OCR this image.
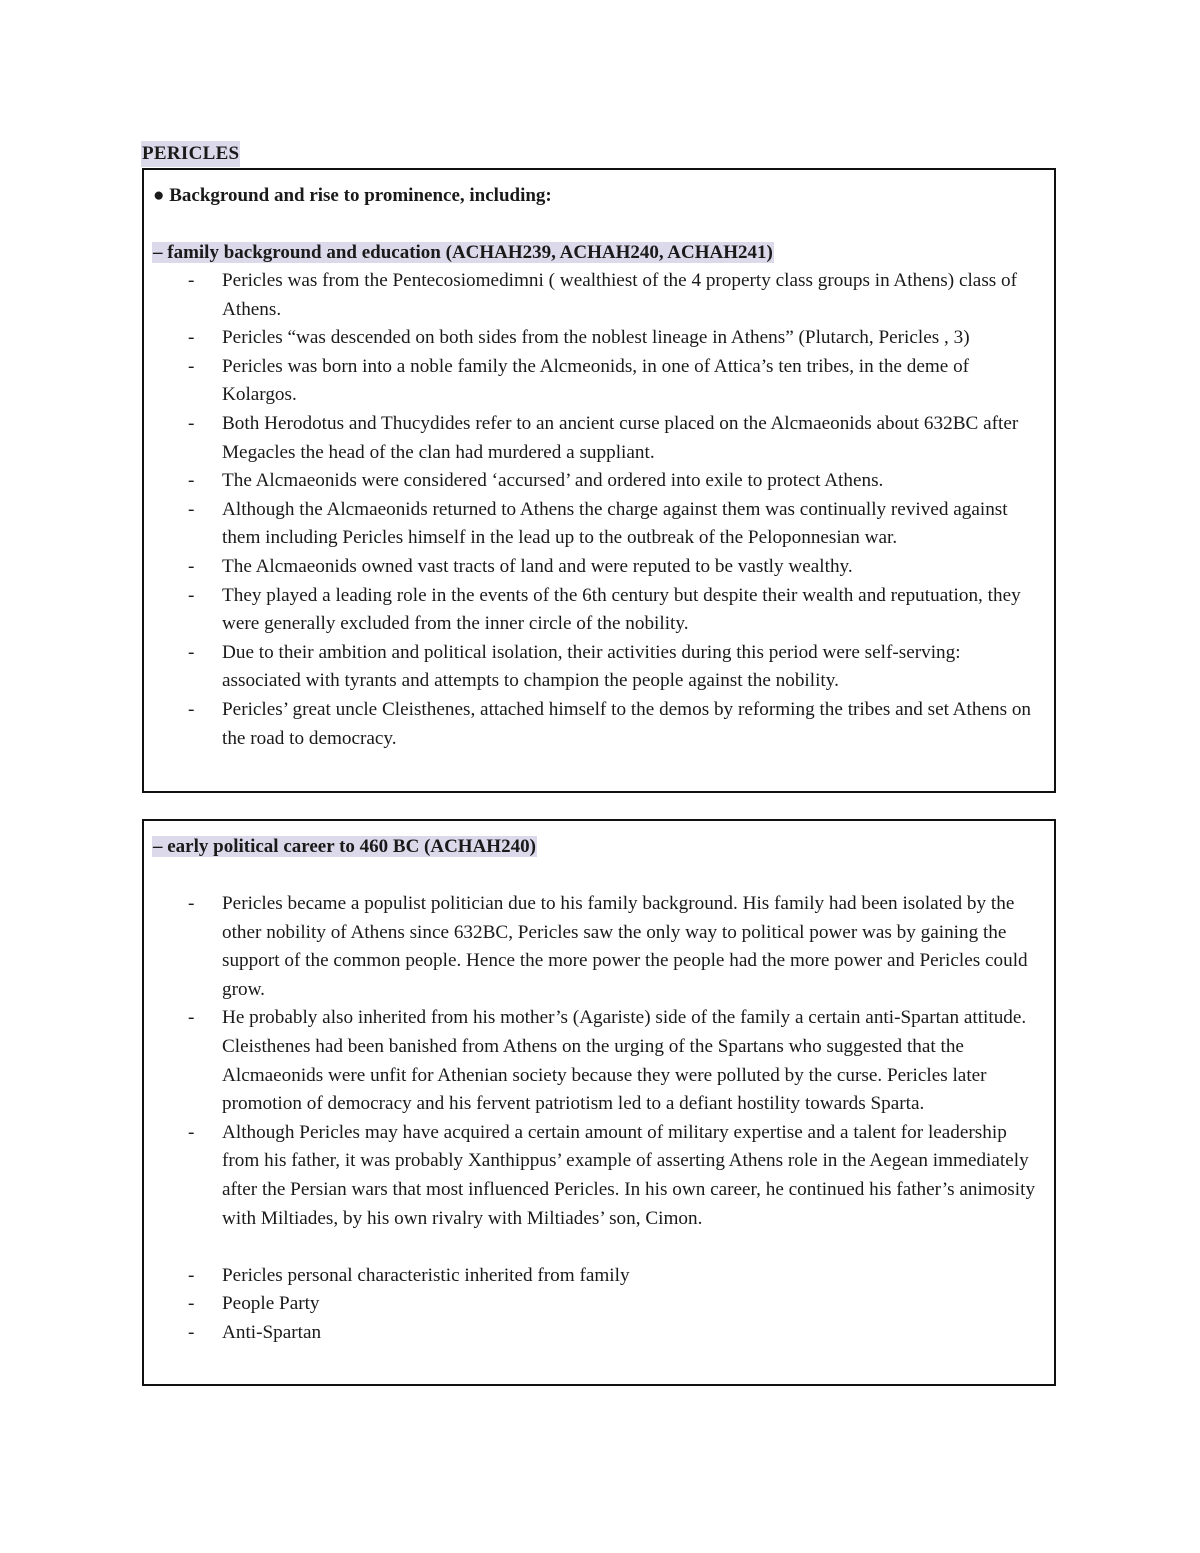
PERICLES
● Background and rise to prominence, including:
– family background and education (ACHAH239, ACHAH240, ACHAH241)
- Pericles was from the Pentecosiomedimni ( wealthiest of the 4 property class groups in Athens) class of Athens.
- Pericles “was descended on both sides from the noblest lineage in Athens” (Plutarch, Pericles , 3)
- Pericles was born into a noble family the Alcmeonids, in one of Attica’s ten tribes, in the deme of Kolargos.
- Both Herodotus and Thucydides refer to an ancient curse placed on the Alcmaeonids about 632BC after Megacles the head of the clan had murdered a suppliant.
- The Alcmaeonids were considered ‘accursed’ and ordered into exile to protect Athens.
- Although the Alcmaeonids returned to Athens the charge against them was continually revived against them including Pericles himself in the lead up to the outbreak of the Peloponnesian war.
- The Alcmaeonids owned vast tracts of land and were reputed to be vastly wealthy.
- They played a leading role in the events of the 6th century but despite their wealth and reputuation, they were generally excluded from the inner circle of the nobility.
- Due to their ambition and political isolation, their activities during this period were self-serving: associated with tyrants and attempts to champion the people against the nobility.
- Pericles’ great uncle Cleisthenes, attached himself to the demos by reforming the tribes and set Athens on the road to democracy.
– early political career to 460 BC (ACHAH240)
- Pericles became a populist politician due to his family background. His family had been isolated by the other nobility of Athens since 632BC, Pericles saw the only way to political power was by gaining the support of the common people. Hence the more power the people had the more power and Pericles could grow.
- He probably also inherited from his mother’s (Agariste) side of the family a certain anti-Spartan attitude. Cleisthenes had been banished from Athens on the urging of the Spartans who suggested that the Alcmaeonids were unfit for Athenian society because they were polluted by the curse. Pericles later promotion of democracy and his fervent patriotism led to a defiant hostility towards Sparta.
- Although Pericles may have acquired a certain amount of military expertise and a talent for leadership from his father, it was probably Xanthippus’ example of asserting Athens role in the Aegean immediately after the Persian wars that most influenced Pericles. In his own career, he continued his father’s animosity with Miltiades, by his own rivalry with Miltiades’ son, Cimon.
- Pericles personal characteristic inherited from family
- People Party
- Anti-Spartan
